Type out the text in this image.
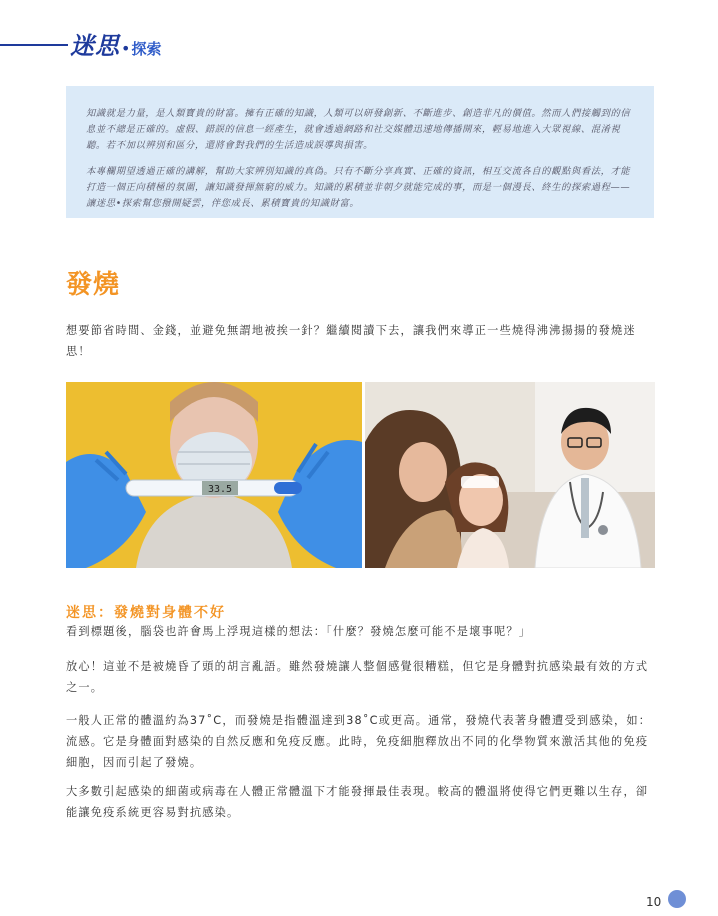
迷思 • 探索

知識就是力量，是人類寶貴的財富。擁有正確的知識，人類可以研發創新、不斷進步、創造非凡的價值。然而人們接觸到的信息並不總是正確的。虛假、錯誤的信息一經產生，就會透過網路和社交媒體迅速地傳播開來，輕易地進入大眾視線、混淆視聽。若不加以辨別和區分，還將會對我們的生活造成誤導與損害。

本專欄期望透過正確的講解，幫助大家辨別知識的真偽。只有不斷分享真實、正確的資訊，相互交流各自的觀點與看法，才能打造一個正向積極的氛圍，讓知識發揮無窮的威力。知識的累積並非朝夕就能完成的事，而是一個漫長、終生的探索過程——讓迷思•探索幫您撥開疑雲，伴您成長、累積寶貴的知識財富。

發燒

想要節省時間、金錢，並避免無謂地被挨一針？繼續閱讀下去，讓我們來導正一些燒得沸沸揚揚的發燒迷思！

33.5
迷思：發燒對身體不好

看到標題後，腦袋也許會馬上浮現這樣的想法：「什麼？發燒怎麼可能不是壞事呢？」

放心！這並不是被燒昏了頭的胡言亂語。雖然發燒讓人整個感覺很糟糕，但它是身體對抗感染最有效的方式之一。

一般人正常的體溫約為37˚C，而發燒是指體溫達到38˚C或更高。通常，發燒代表著身體遭受到感染，如：流感。它是身體面對感染的自然反應和免疫反應。此時，免疫細胞釋放出不同的化學物質來激活其他的免疫細胞，因而引起了發燒。

大多數引起感染的細菌或病毒在人體正常體溫下才能發揮最佳表現。較高的體溫將使得它們更難以生存，卻能讓免疫系統更容易對抗感染。

10
